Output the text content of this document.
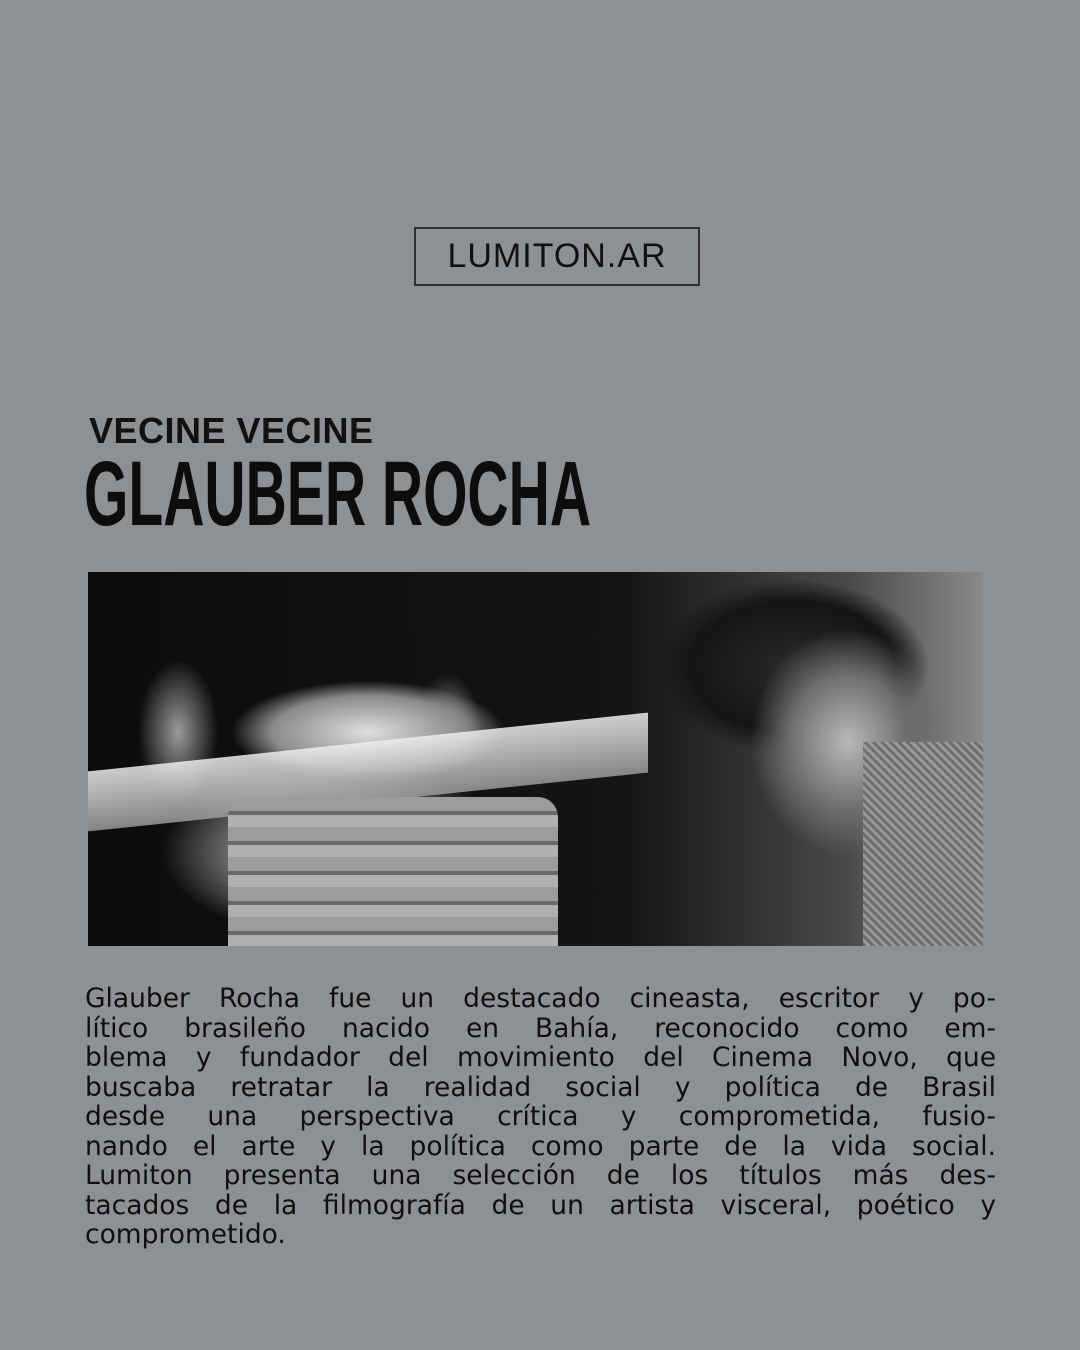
LUMITON.AR
VECINE VECINE
GLAUBER ROCHA
Glauber Rocha fue un destacado cineasta, escritor y po-
lítico brasileño nacido en Bahía, reconocido como em-
blema y fundador del movimiento del Cinema Novo, que
buscaba retratar la realidad social y política de Brasil
desde una perspectiva crítica y comprometida, fusio-
nando el arte y la política como parte de la vida social.
Lumiton presenta una selección de los títulos más des-
tacados de la filmografía de un artista visceral, poético y
comprometido.
